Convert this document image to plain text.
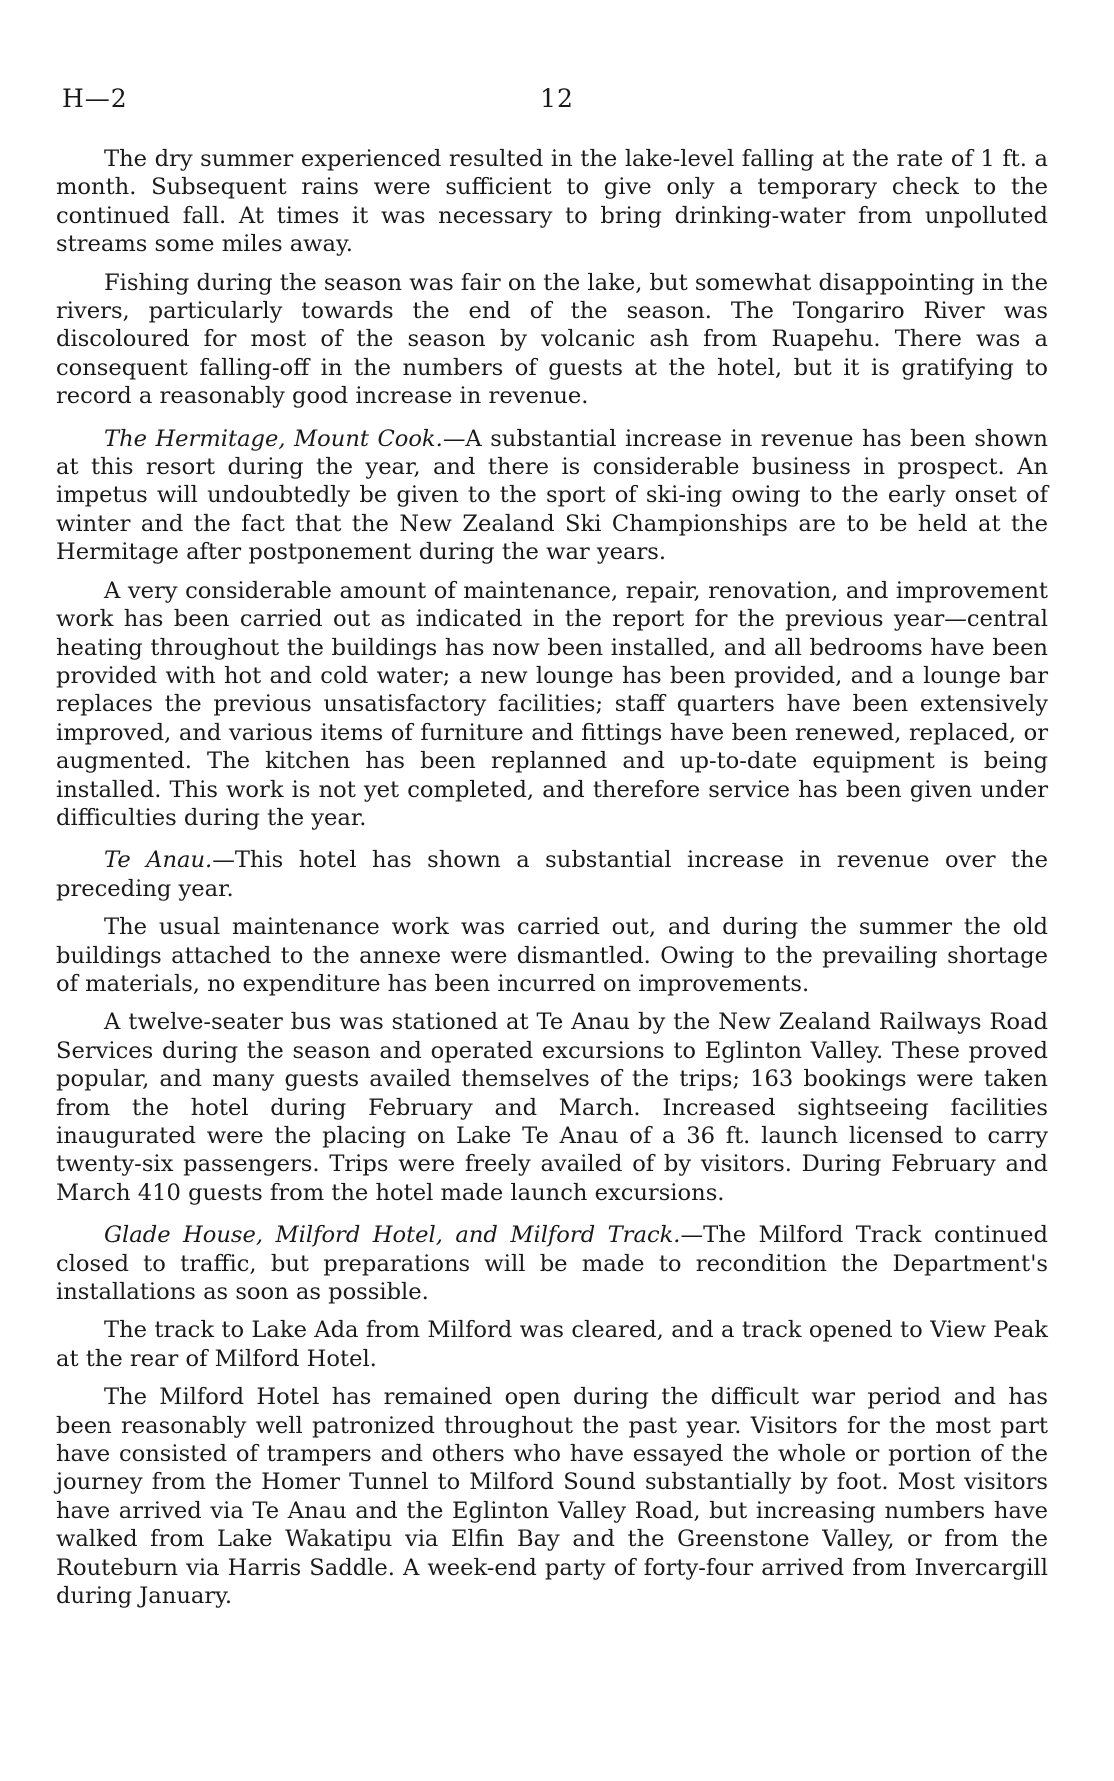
H—2	12

The dry summer experienced resulted in the lake-level falling at the rate of 1 ft. a month. Subsequent rains were sufficient to give only a temporary check to the continued fall. At times it was necessary to bring drinking-water from unpolluted streams some miles away.

Fishing during the season was fair on the lake, but somewhat disappointing in the rivers, particularly towards the end of the season. The Tongariro River was discoloured for most of the season by volcanic ash from Ruapehu. There was a consequent falling-off in the numbers of guests at the hotel, but it is gratifying to record a reasonably good increase in revenue.

The Hermitage, Mount Cook.—A substantial increase in revenue has been shown at this resort during the year, and there is considerable business in prospect. An impetus will undoubtedly be given to the sport of ski-ing owing to the early onset of winter and the fact that the New Zealand Ski Championships are to be held at the Hermitage after postponement during the war years.

A very considerable amount of maintenance, repair, renovation, and improvement work has been carried out as indicated in the report for the previous year—central heating throughout the buildings has now been installed, and all bedrooms have been provided with hot and cold water; a new lounge has been provided, and a lounge bar replaces the previous unsatisfactory facilities; staff quarters have been extensively improved, and various items of furniture and fittings have been renewed, replaced, or augmented. The kitchen has been replanned and up-to-date equipment is being installed. This work is not yet completed, and therefore service has been given under difficulties during the year.

Te Anau.—This hotel has shown a substantial increase in revenue over the preceding year.

The usual maintenance work was carried out, and during the summer the old buildings attached to the annexe were dismantled. Owing to the prevailing shortage of materials, no expenditure has been incurred on improvements.

A twelve-seater bus was stationed at Te Anau by the New Zealand Railways Road Services during the season and operated excursions to Eglinton Valley. These proved popular, and many guests availed themselves of the trips; 163 bookings were taken from the hotel during February and March. Increased sightseeing facilities inaugurated were the placing on Lake Te Anau of a 36 ft. launch licensed to carry twenty-six passengers. Trips were freely availed of by visitors. During February and March 410 guests from the hotel made launch excursions.

Glade House, Milford Hotel, and Milford Track.—The Milford Track continued closed to traffic, but preparations will be made to recondition the Department's installations as soon as possible.

The track to Lake Ada from Milford was cleared, and a track opened to View Peak at the rear of Milford Hotel.

The Milford Hotel has remained open during the difficult war period and has been reasonably well patronized throughout the past year. Visitors for the most part have consisted of trampers and others who have essayed the whole or portion of the journey from the Homer Tunnel to Milford Sound substantially by foot. Most visitors have arrived via Te Anau and the Eglinton Valley Road, but increasing numbers have walked from Lake Wakatipu via Elfin Bay and the Greenstone Valley, or from the Routeburn via Harris Saddle. A week-end party of forty-four arrived from Invercargill during January.
